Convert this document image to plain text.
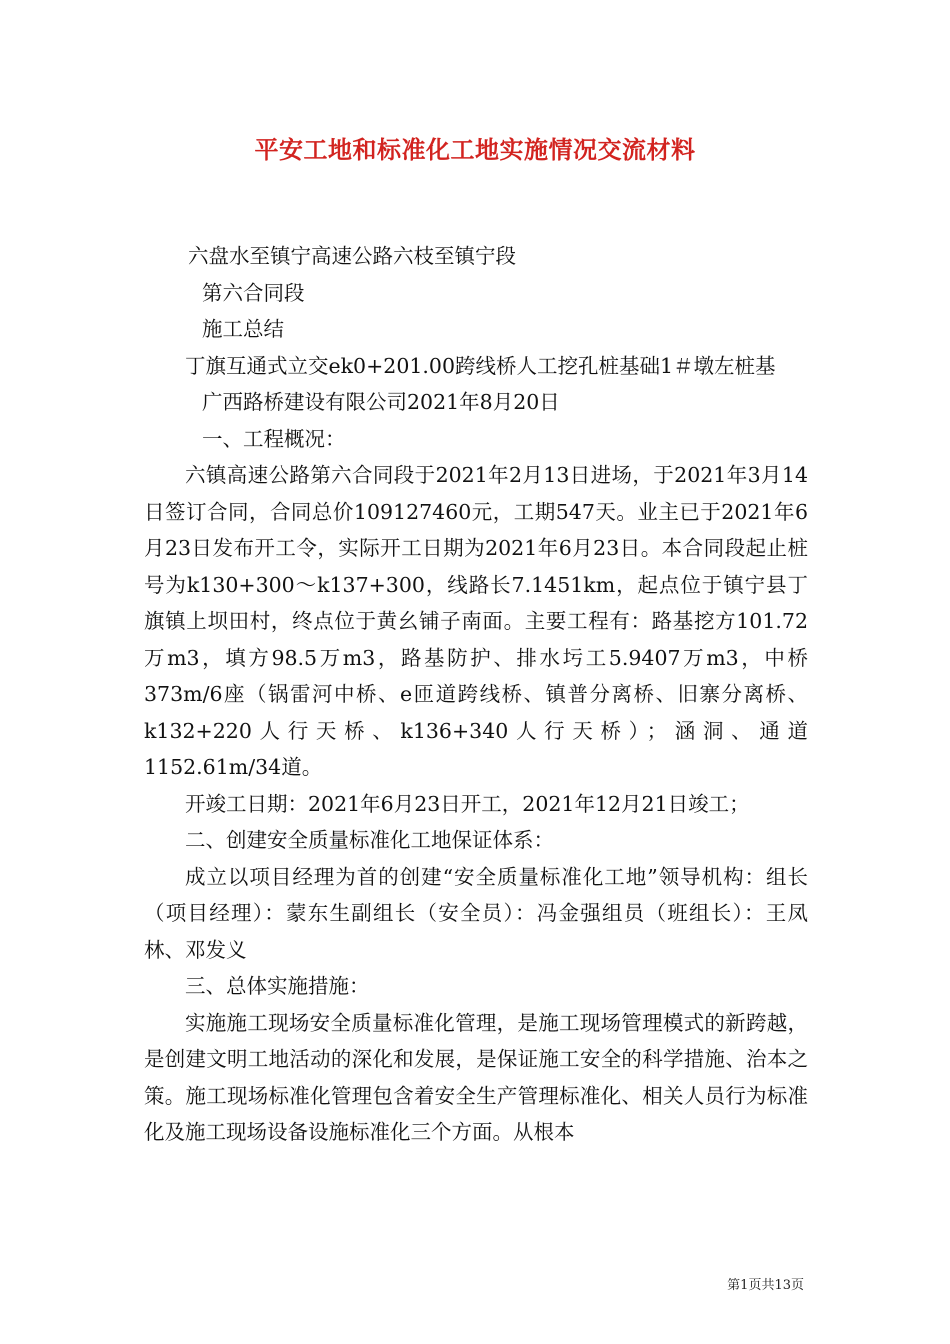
平安工地和标准化工地实施情况交流材料

六盘水至镇宁高速公路六枝至镇宁段

第六合同段

施工总结

丁旗互通式立交ek0+201.00跨线桥人工挖孔桩基础1＃墩左桩基

广西路桥建设有限公司2021年8月20日

一、工程概况：

六镇高速公路第六合同段于2021年2月13日进场，于2021年3月14日签订合同，合同总价109127460元，工期547天。业主已于2021年6月23日发布开工令，实际开工日期为2021年6月23日。本合同段起止桩号为k130+300～k137+300，线路长7.1451km，起点位于镇宁县丁旗镇上坝田村，终点位于黄幺铺子南面。主要工程有：路基挖方101.72万m3，填方98.5万m3，路基防护、排水圬工5.9407万m3，中桥373m/6座（锅雷河中桥、e匝道跨线桥、镇普分离桥、旧寨分离桥、k132+220人行天桥、k136+340人行天桥）；涵洞、通道1152.61m/34道。

开竣工日期：2021年6月23日开工，2021年12月21日竣工；

二、创建安全质量标准化工地保证体系：

成立以项目经理为首的创建“安全质量标准化工地”领导机构：组长（项目经理）：蒙东生副组长（安全员）：冯金强组员（班组长）：王凤林、邓发义

三、总体实施措施：

实施施工现场安全质量标准化管理，是施工现场管理模式的新跨越，是创建文明工地活动的深化和发展，是保证施工安全的科学措施、治本之策。施工现场标准化管理包含着安全生产管理标准化、相关人员行为标准化及施工现场设备设施标准化三个方面。从根本

第1页共13页
